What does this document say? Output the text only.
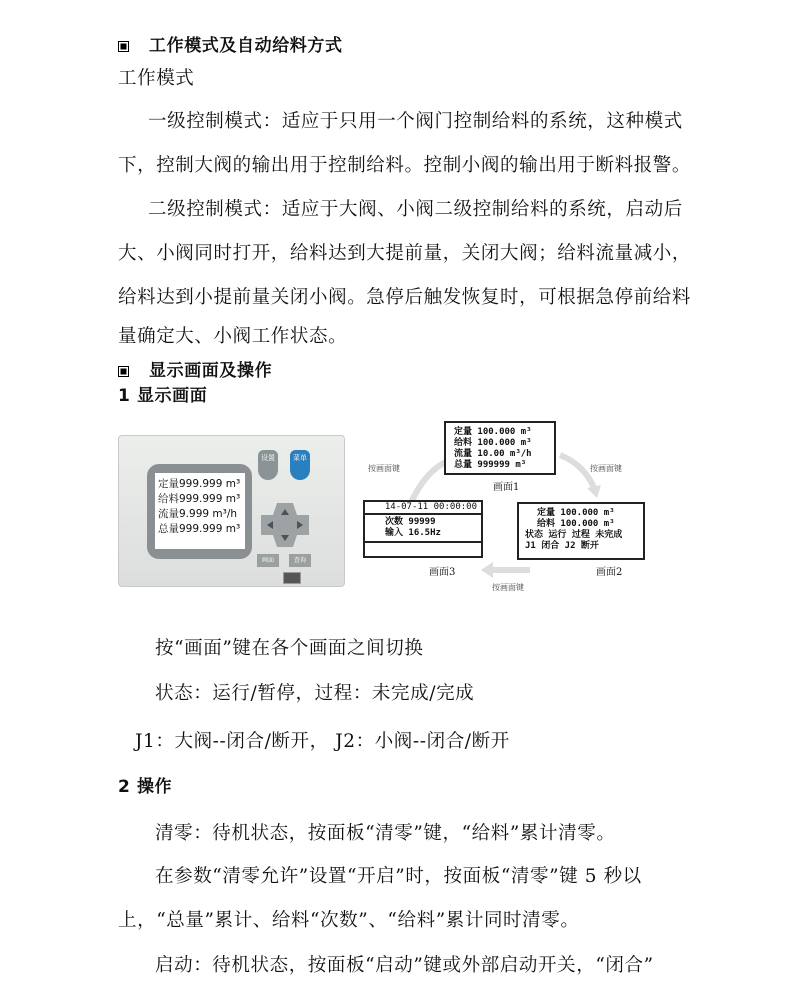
工作模式及自动给料方式
工作模式
一级控制模式：适应于只用一个阀门控制给料的系统，这种模式
下，控制大阀的输出用于控制给料。控制小阀的输出用于断料报警。
二级控制模式：适应于大阀、小阀二级控制给料的系统，启动后
大、小阀同时打开，给料达到大提前量，关闭大阀；给料流量减小，
给料达到小提前量关闭小阀。急停后触发恢复时，可根据急停前给料
量确定大、小阀工作状态。
显示画面及操作
1 显示画面
定量999.999 m³
给料999.999 m³
流量9.999 m³/h
总量999.999 m³
设置	菜单
画面	查询
按画面键	按画面键
按画面键
定量 100.000 m³
给料 100.000 m³
流量 10.00 m³/h
总量 999999 m³
画面1
定量 100.000 m³
给料 100.000 m³
状态 运行 过程 未完成
J1 闭合 J2 断开
画面2
14-07-11 00:00:00
次数 99999
输入 16.5Hz
画面3
按“画面”键在各个画面之间切换
状态：运行/暂停，过程：未完成/完成
J1：大阀--闭合/断开， J2：小阀--闭合/断开
2 操作
清零：待机状态，按面板“清零”键，“给料”累计清零。
在参数“清零允许”设置“开启”时，按面板“清零”键 5 秒以
上，“总量”累计、给料“次数”、“给料”累计同时清零。
启动：待机状态，按面板“启动”键或外部启动开关，“闭合”
